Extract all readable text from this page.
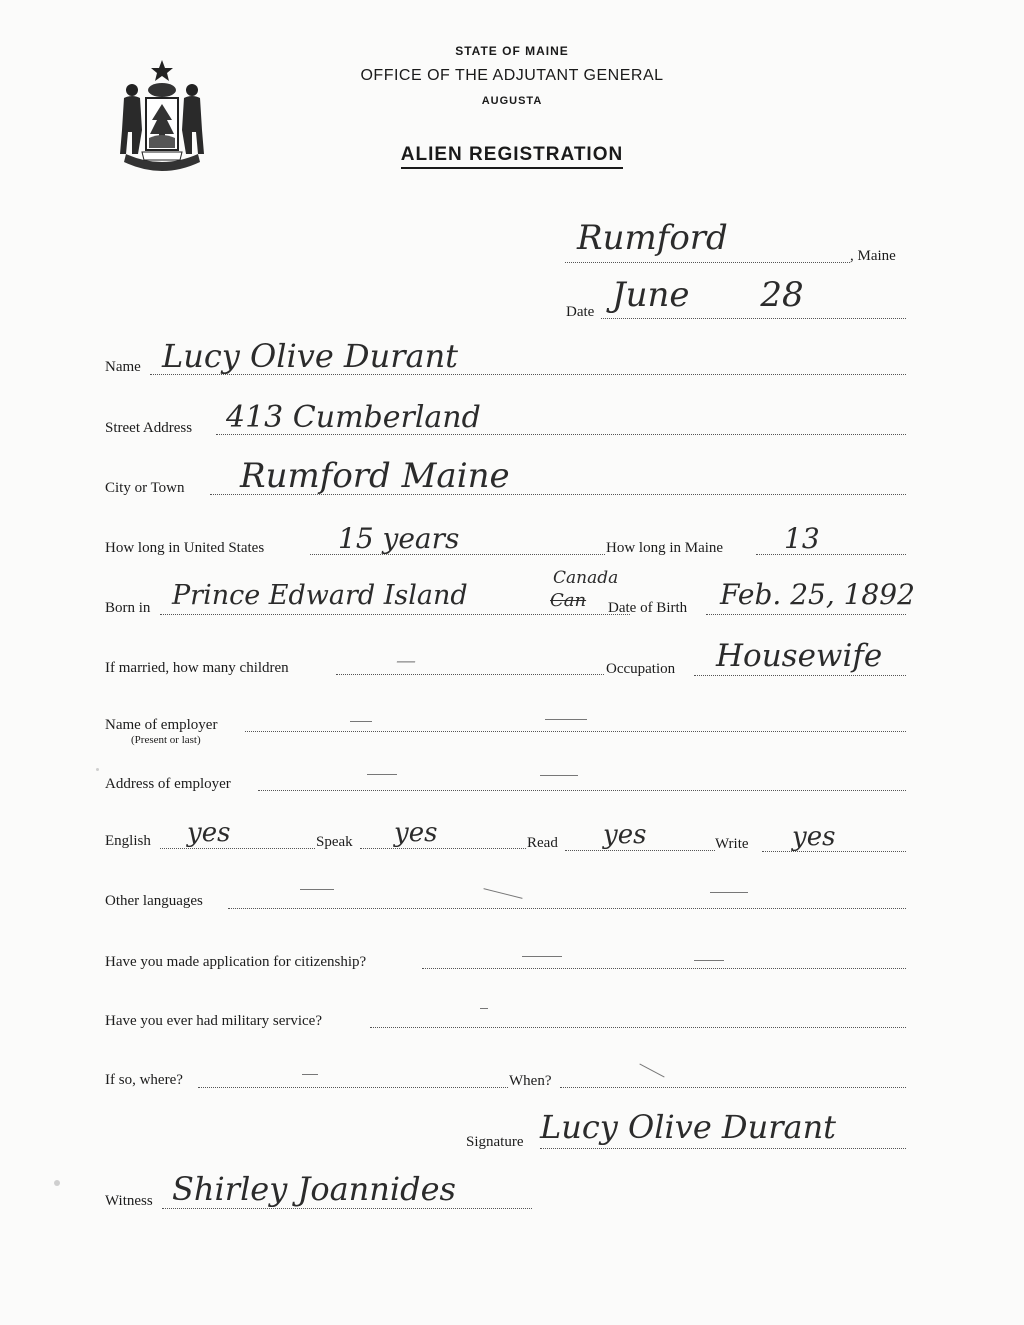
STATE OF MAINE
OFFICE OF THE ADJUTANT GENERAL
AUGUSTA
ALIEN REGISTRATION
Rumford	, Maine
Date June 28
Name Lucy Olive Durant
Street Address 413 Cumberland
City or Town Rumford Maine
How long in United States	15 years	How long in Maine 13
Born in Prince Edward Island	Can
Canada
Date of Birth Feb. 25, 1892
If married, how many children	—	Occupation Housewife
Name of employer
(Present or last)
Address of employer
English yes	Speak yes	Read yes	Write yes
Other languages
Have you made application for citizenship?
Have you ever had military service?
If so, where?	When?
Signature Lucy Olive Durant
Witness Shirley Joannides
